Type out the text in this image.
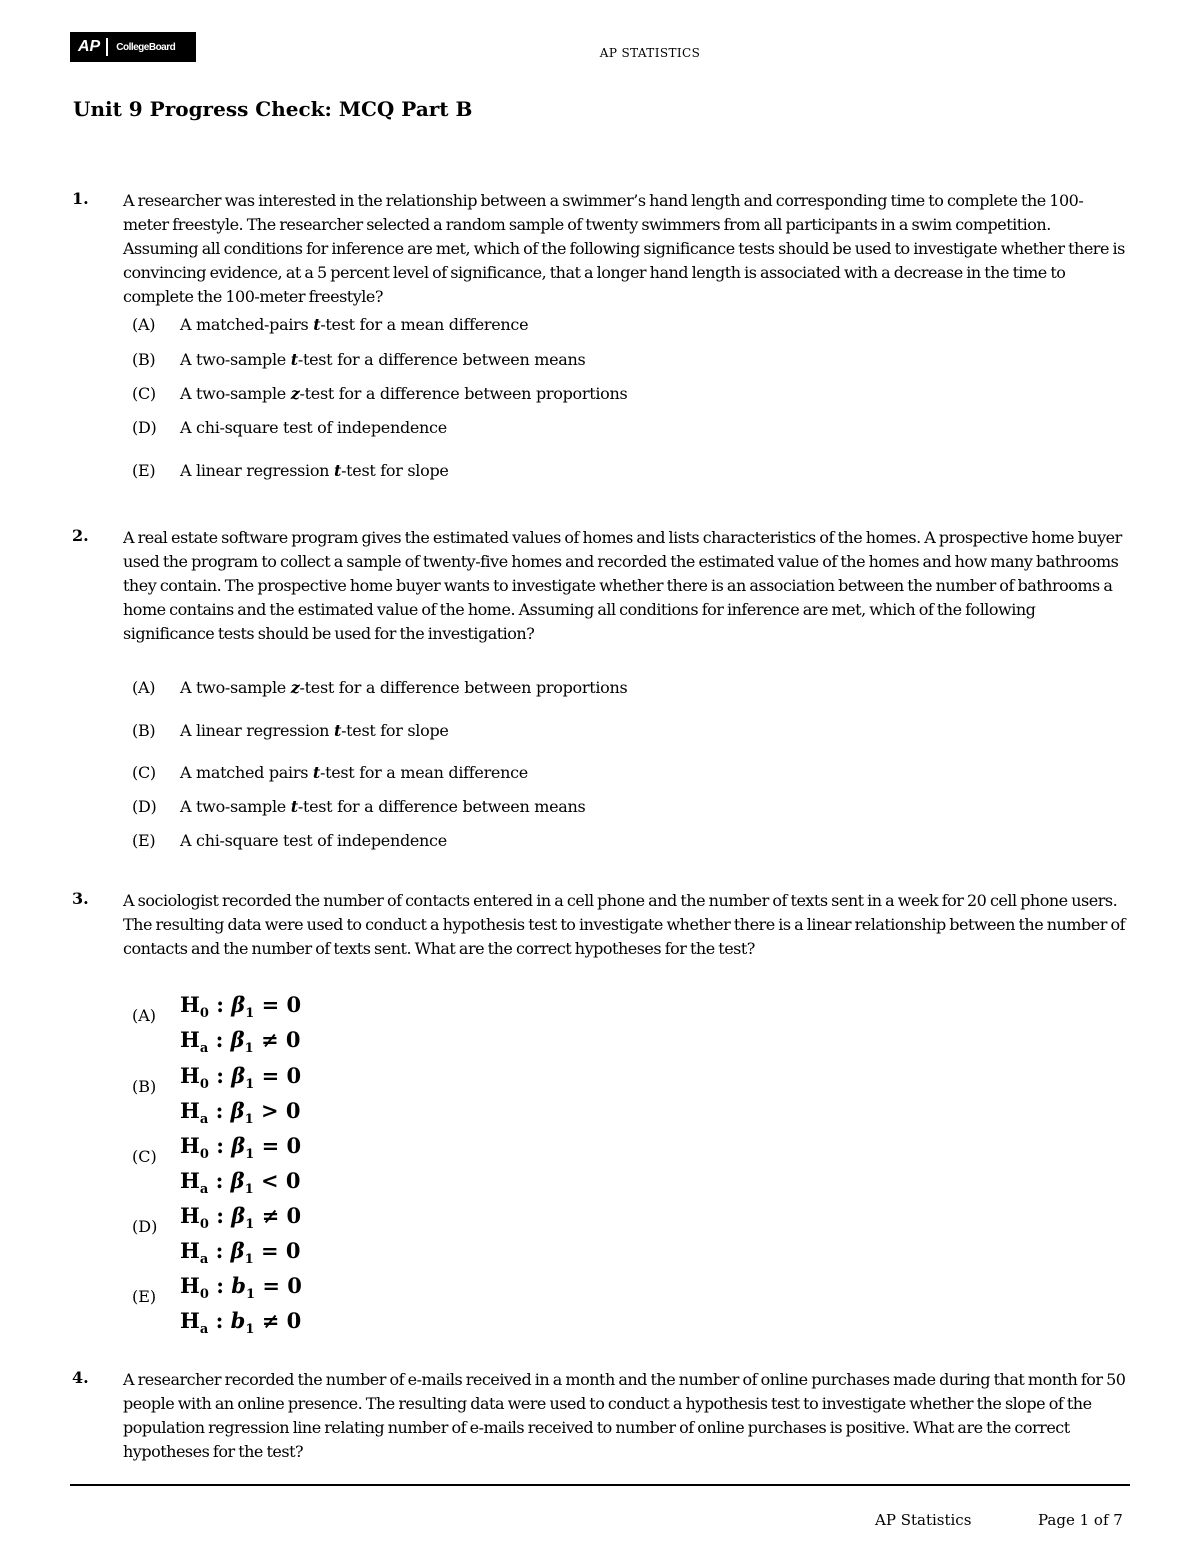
AP	CollegeBoard	AP STATISTICS
Unit 9 Progress Check: MCQ Part B
1. A researcher was interested in the relationship between a swimmer’s hand length and corresponding time to complete the 100-meter freestyle. The researcher selected a random sample of twenty swimmers from all participants in a swim competition. Assuming all conditions for inference are met, which of the following significance tests should be used to investigate whether there is convincing evidence, at a 5 percent level of significance, that a longer hand length is associated with a decrease in the time to complete the 100-meter freestyle?
(A) A matched-pairs t-test for a mean difference
(B) A two-sample t-test for a difference between means
(C) A two-sample z-test for a difference between proportions
(D) A chi-square test of independence
(E) A linear regression t-test for slope
2. A real estate software program gives the estimated values of homes and lists characteristics of the homes. A prospective home buyer used the program to collect a sample of twenty-five homes and recorded the estimated value of the homes and how many bathrooms they contain. The prospective home buyer wants to investigate whether there is an association between the number of bathrooms a home contains and the estimated value of the home. Assuming all conditions for inference are met, which of the following significance tests should be used for the investigation?
(A) A two-sample z-test for a difference between proportions
(B) A linear regression t-test for slope
(C) A matched pairs t-test for a mean difference
(D) A two-sample t-test for a difference between means
(E) A chi-square test of independence
3. A sociologist recorded the number of contacts entered in a cell phone and the number of texts sent in a week for 20 cell phone users. The resulting data were used to conduct a hypothesis test to investigate whether there is a linear relationship between the number of contacts and the number of texts sent. What are the correct hypotheses for the test?
(A) $H_0$ : $\beta_1 = 0$
$H_a$ : $\beta_1 \ne 0$
(B) $H_0$ : $\beta_1 = 0$
$H_a$ : $\beta_1 > 0$
(C) $H_0$ : $\beta_1 = 0$
$H_a$ : $\beta_1 < 0$
(D) $H_0$ : $\beta_1 \ne 0$
$H_a$ : $\beta_1 = 0$
(E) $H_0$ : $b_1 = 0$
$H_a$ : $b_1 \ne 0$
4. A researcher recorded the number of e-mails received in a month and the number of online purchases made during that month for 50 people with an online presence. The resulting data were used to conduct a hypothesis test to investigate whether the slope of the population regression line relating number of e-mails received to number of online purchases is positive. What are the correct hypotheses for the test?
AP Statistics	Page 1 of 7
